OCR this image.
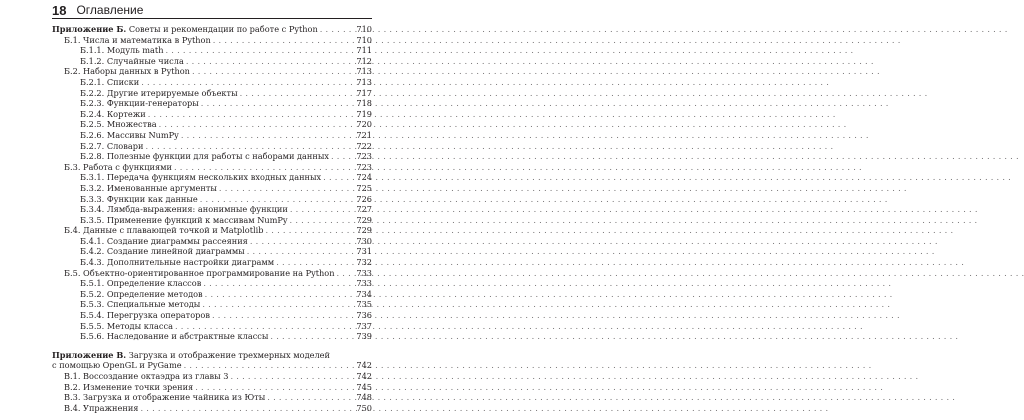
18 Оглавление
Приложение Б. Советы и рекомендации по работе с Python . . .	710
Б.1. Числа и математика в Python . . .	710
Б.1.1. Модуль math . . .	711
Б.1.2. Случайные числа . . .	712
Б.2. Наборы данных в Python . . .	713
Б.2.1. Списки . . .	713
Б.2.2. Другие итерируемые объекты . . .	717
Б.2.3. Функции-генераторы . . .	718
Б.2.4. Кортежи . . .	719
Б.2.5. Множества . . .	720
Б.2.6. Массивы NumPy . . .	721
Б.2.7. Словари . . .	722
Б.2.8. Полезные функции для работы с наборами данных . . .	723
Б.3. Работа с функциями . . .	723
Б.3.1. Передача функциям нескольких входных данных . . .	724
Б.3.2. Именованные аргументы . . .	725
Б.3.3. Функции как данные . . .	726
Б.3.4. Лямбда-выражения: анонимные функции . . .	727
Б.3.5. Применение функций к массивам NumPy . . .	729
Б.4. Данные с плавающей точкой и Matplotlib . . .	729
Б.4.1. Создание диаграммы рассеяния . . .	730
Б.4.2. Создание линейной диаграммы . . .	731
Б.4.3. Дополнительные настройки диаграмм . . .	732
Б.5. Объектно-ориентированное программирование на Python . . .	733
Б.5.1. Определение классов . . .	733
Б.5.2. Определение методов . . .	734
Б.5.3. Специальные методы . . .	735
Б.5.4. Перегрузка операторов . . .	736
Б.5.5. Методы класса . . .	737
Б.5.6. Наследование и абстрактные классы . . .	739
Приложение В. Загрузка и отображение трехмерных моделей
с помощью OpenGL и PyGame . . .	742
В.1. Воссоздание октаэдра из главы 3 . . .	742
В.2. Изменение точки зрения . . .	745
В.3. Загрузка и отображение чайника из Юты . . .	748
В.4. Упражнения . . .	750
